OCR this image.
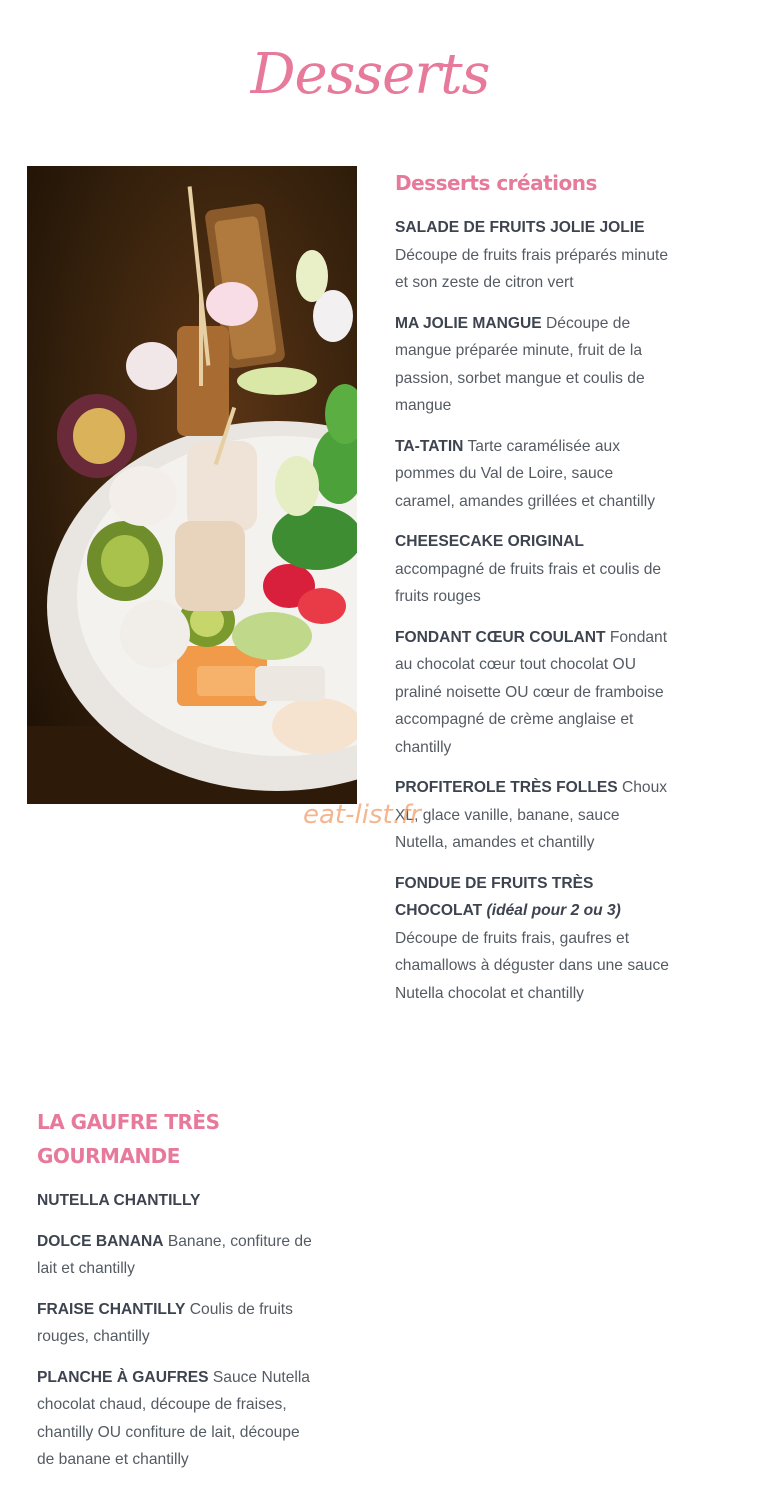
Desserts
eat-list.fr
Desserts créations
SALADE DE FRUITS JOLIE JOLIE Découpe de fruits frais préparés minute et son zeste de citron vert
MA JOLIE MANGUE Découpe de mangue préparée minute, fruit de la passion, sorbet mangue et coulis de mangue
TA-TATIN Tarte caramélisée aux pommes du Val de Loire, sauce caramel, amandes grillées et chantilly
CHEESECAKE ORIGINAL accompagné de fruits frais et coulis de fruits rouges
FONDANT CŒUR COULANT Fondant au chocolat cœur tout chocolat OU praliné noisette OU cœur de framboise accompagné de crème anglaise et chantilly
PROFITEROLE TRÈS FOLLES Choux XL, glace vanille, banane, sauce Nutella, amandes et chantilly
FONDUE DE FRUITS TRÈS CHOCOLAT (idéal pour 2 ou 3) Découpe de fruits frais, gaufres et chamallows à déguster dans une sauce Nutella chocolat et chantilly
LA GAUFRE TRÈS GOURMANDE
NUTELLA CHANTILLY
DOLCE BANANA Banane, confiture de lait et chantilly
FRAISE CHANTILLY Coulis de fruits rouges, chantilly
PLANCHE À GAUFRES Sauce Nutella chocolat chaud, découpe de fraises, chantilly OU confiture de lait, découpe de banane et chantilly
